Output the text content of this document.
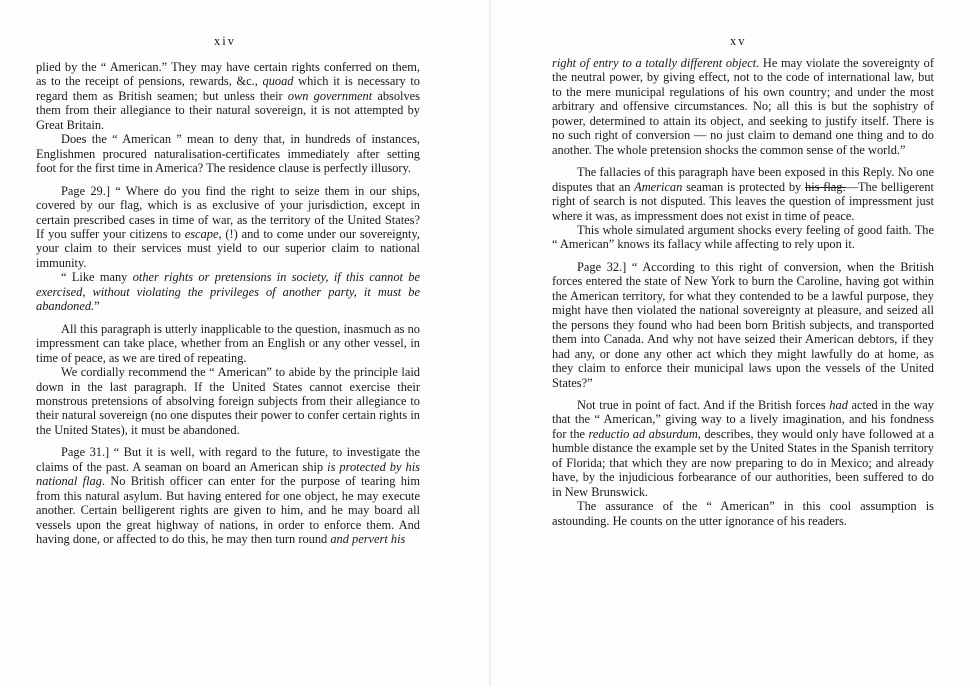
xiv

plied by the “ American.” They may have certain rights conferred on them, as to the receipt of pensions, rewards, &c., quoad which it is necessary to regard them as British seamen; but unless their own government absolves them from their allegiance to their natural sovereign, it is not attempted by Great Britain.

Does the “ American ” mean to deny that, in hundreds of instances, Englishmen procured naturalisation-certificates immediately after setting foot for the first time in America? The residence clause is perfectly illusory.

Page 29.] “ Where do you find the right to seize them in our ships, covered by our flag, which is as exclusive of your jurisdiction, except in certain prescribed cases in time of war, as the territory of the United States? If you suffer your citizens to escape, (!) and to come under our sovereignty, your claim to their services must yield to our superior claim to national immunity.

“ Like many other rights or pretensions in society, if this cannot be exercised, without violating the privileges of another party, it must be abandoned.”

All this paragraph is utterly inapplicable to the question, inasmuch as no impressment can take place, whether from an English or any other vessel, in time of peace, as we are tired of repeating.

We cordially recommend the “ American” to abide by the principle laid down in the last paragraph. If the United States cannot exercise their monstrous pretensions of absolving foreign subjects from their allegiance to their natural sovereign (no one disputes their power to confer certain rights in the United States), it must be abandoned.

Page 31.] “ But it is well, with regard to the future, to investigate the claims of the past. A seaman on board an American ship is protected by his national flag. No British officer can enter for the purpose of tearing him from this natural asylum. But having entered for one object, he may execute another. Certain belligerent rights are given to him, and he may board all vessels upon the great highway of nations, in order to enforce them. And having done, or affected to do this, he may then turn round and pervert his

xv

right of entry to a totally different object. He may violate the sovereignty of the neutral power, by giving effect, not to the code of international law, but to the mere municipal regulations of his own country; and under the most arbitrary and offensive circumstances. No; all this is but the sophistry of power, determined to attain its object, and seeking to justify itself. There is no such right of conversion — no just claim to demand one thing and to do another. The whole pretension shocks the common sense of the world.”

The fallacies of this paragraph have been exposed in this Reply. No one disputes that an American seaman is protected by his flag.—The belligerent right of search is not disputed. This leaves the question of impressment just where it was, as impressment does not exist in time of peace.

This whole simulated argument shocks every feeling of good faith. The “ American” knows its fallacy while affecting to rely upon it.

Page 32.] “ According to this right of conversion, when the British forces entered the state of New York to burn the Caroline, having got within the American territory, for what they contended to be a lawful purpose, they might have then violated the national sovereignty at pleasure, and seized all the persons they found who had been born British subjects, and transported them into Canada. And why not have seized their American debtors, if they had any, or done any other act which they might lawfully do at home, as they claim to enforce their municipal laws upon the vessels of the United States?”

Not true in point of fact. And if the British forces had acted in the way that the “ American,” giving way to a lively imagination, and his fondness for the reductio ad absurdum, describes, they would only have followed at a humble distance the example set by the United States in the Spanish territory of Florida; that which they are now preparing to do in Mexico; and already have, by the injudicious forbearance of our authorities, been suffered to do in New Brunswick.

The assurance of the “ American” in this cool assumption is astounding. He counts on the utter ignorance of his readers.
